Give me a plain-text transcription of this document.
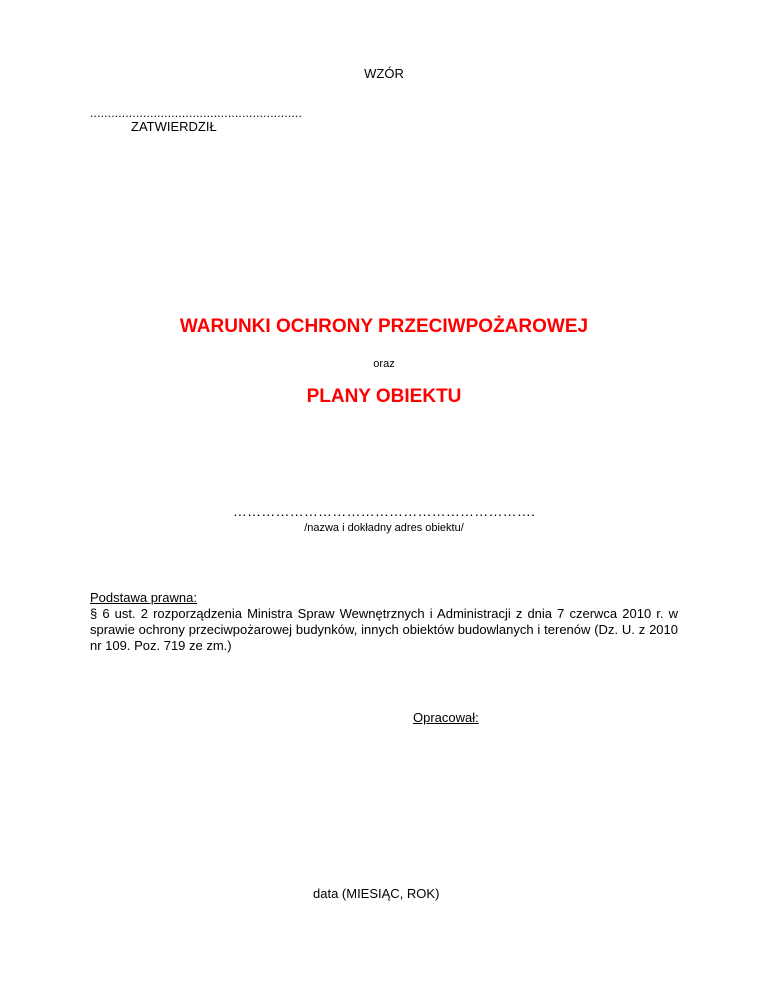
WZÓR

............................................................

ZATWIERDZIŁ

WARUNKI OCHRONY PRZECIWPOŻAROWEJ

oraz

PLANY OBIEKTU

……………………………………………………….

/nazwa i dokładny adres obiektu/

Podstawa prawna:
§ 6 ust. 2 rozporządzenia Ministra Spraw Wewnętrznych i Administracji z dnia 7 czerwca 2010 r. w sprawie ochrony przeciwpożarowej budynków, innych obiektów budowlanych i terenów (Dz. U. z 2010 nr 109. Poz. 719 ze zm.)

Opracował:

data (MIESIĄC, ROK)
